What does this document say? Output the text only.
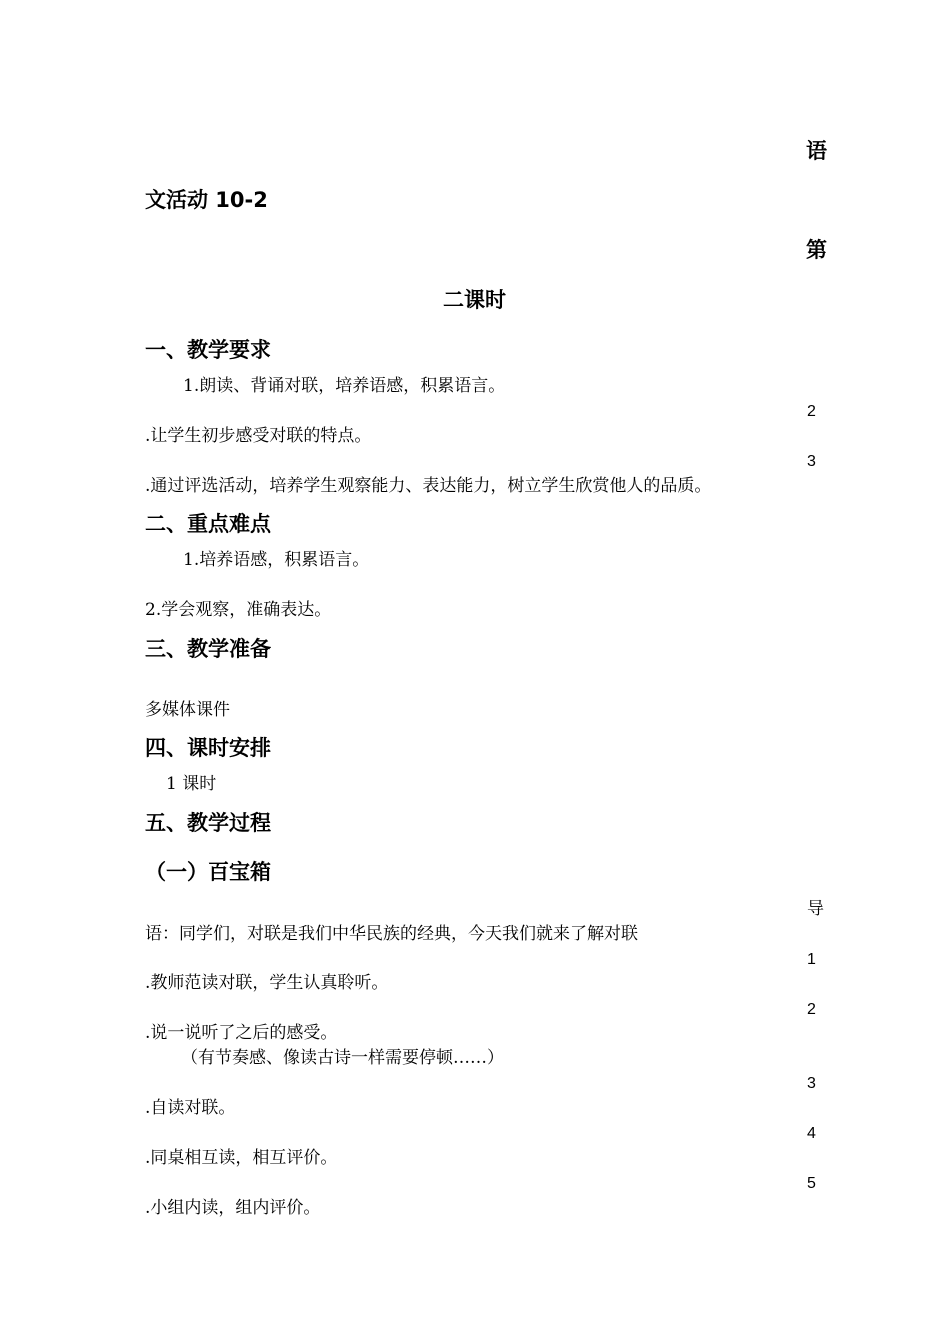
语
文活动 10-2
第
二课时
一、教学要求
1.朗读、背诵对联，培养语感，积累语言。
2
.让学生初步感受对联的特点。
3
.通过评选活动，培养学生观察能力、表达能力，树立学生欣赏他人的品质。
二、重点难点
1.培养语感，积累语言。
2.学会观察，准确表达。
三、教学准备
多媒体课件
四、课时安排
1 课时
五、教学过程
（一）百宝箱
导
语：同学们，对联是我们中华民族的经典，今天我们就来了解对联
1
.教师范读对联，学生认真聆听。
2
.说一说听了之后的感受。
（有节奏感、像读古诗一样需要停顿……）
3
.自读对联。
4
.同桌相互读，相互评价。
5
.小组内读，组内评价。
